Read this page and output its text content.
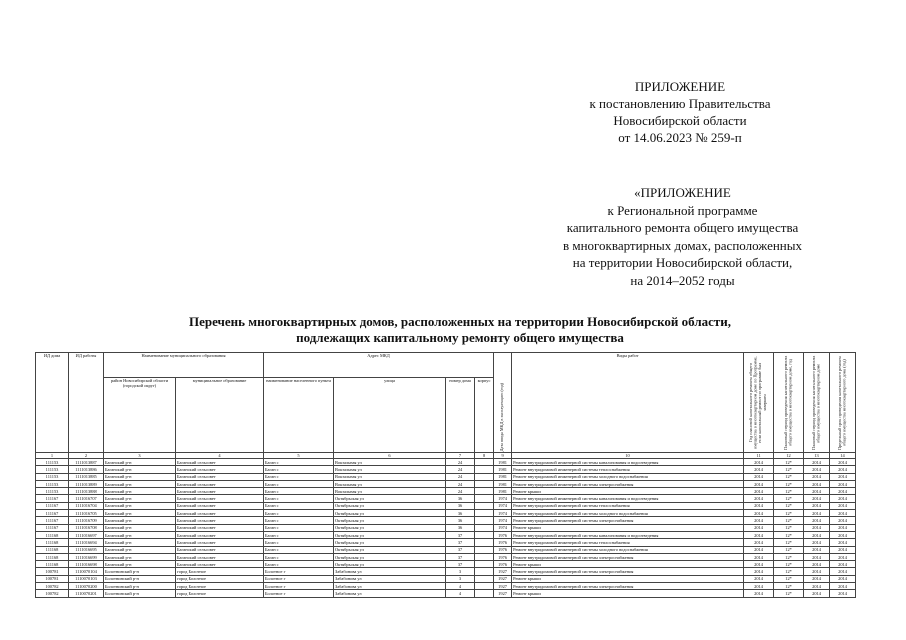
ПРИЛОЖЕНИЕ
к постановлению Правительства
Новосибирской области
от 14.06.2023 № 259-п
«ПРИЛОЖЕНИЕ
к Региональной программе
капитального ремонта общего имущества
в многоквартирных домах, расположенных
на территории Новосибирской области,
на 2014–2052 годы
Перечень многоквартирных домов, расположенных на территории Новосибирской области,
подлежащих капитальному ремонту общего имущества
ИД дома	ИД работы	Наименование муниципального образования		Адрес МКД				Дата ввода МКД в эксплуатацию (год)	Виды работ	Год плановой капитального ремонта общего имущества в многоквартирном доме по Программе, если капитальный ремонт по программе был завершен	Плановый период проведения капитального ремонта общего имущества в многоквартирном доме, год	Плановый период проведения капитального ремонта общего имущества в многоквартирном доме	Предельный срок проведения капитального ремонта общего имущества многоквартирного дома (год)

		район Новосибирской области (городской округ)	муниципальное образование	наименование населенного пункта	улица	номер дома	корпус						
1	2	3	4	5	6	7	8	9	10	11	12	13	14
111153	1111013887	Баганский р-н	Баганский сельсовет	Баган с	Вокзальная ул	24		1981	Ремонт внутридомовой инженерной системы канализования и водоотведения	2014	12*	2014	2014
111153	1111013886	Баганский р-н	Баганский сельсовет	Баган с	Вокзальная ул	24		1981	Ремонт внутридомовой инженерной системы теплоснабжения	2014	12*	2014	2014
111153	1111013885	Баганский р-н	Баганский сельсовет	Баган с	Вокзальная ул	24		1981	Ремонт внутридомовой инженерной системы холодного водоснабжения	2014	12*	2014	2014
111153	1111013889	Баганский р-н	Баганский сельсовет	Баган с	Вокзальная ул	24		1981	Ремонт внутридомовой инженерной системы электроснабжения	2014	12*	2014	2014
111153	1111013888	Баганский р-н	Баганский сельсовет	Баган с	Вокзальная ул	24		1981	Ремонт крыши	2014	12*	2014	2014
111167	1111016707	Баганский р-н	Баганский сельсовет	Баган с	Октябрьская ул	36		1974	Ремонт внутридомовой инженерной системы канализования и водоотведения	2014	12*	2014	2014
111167	1111016704	Баганский р-н	Баганский сельсовет	Баган с	Октябрьская ул	36		1974	Ремонт внутридомовой инженерной системы теплоснабжения	2014	12*	2014	2014
111167	1111016705	Баганский р-н	Баганский сельсовет	Баган с	Октябрьская ул	36		1974	Ремонт внутридомовой инженерной системы холодного водоснабжения	2014	12*	2014	2014
111167	1111016709	Баганский р-н	Баганский сельсовет	Баган с	Октябрьская ул	36		1974	Ремонт внутридомовой инженерной системы электроснабжения	2014	12*	2014	2014
111167	1111016708	Баганский р-н	Баганский сельсовет	Баган с	Октябрьская ул	36		1974	Ремонт крыши	2014	12*	2014	2014
111168	1111016697	Баганский р-н	Баганский сельсовет	Баган с	Октябрьская ул	37		1976	Ремонт внутридомовой инженерной системы канализования и водоотведения	2014	12*	2014	2014
111168	1111016694	Баганский р-н	Баганский сельсовет	Баган с	Октябрьская ул	37		1976	Ремонт внутридомовой инженерной системы теплоснабжения	2014	12*	2014	2014
111168	1111016695	Баганский р-н	Баганский сельсовет	Баган с	Октябрьская ул	37		1976	Ремонт внутридомовой инженерной системы холодного водоснабжения	2014	12*	2014	2014
111168	1111016699	Баганский р-н	Баганский сельсовет	Баган с	Октябрьская ул	37		1976	Ремонт внутридомовой инженерной системы электроснабжения	2014	12*	2014	2014
111168	1111016698	Баганский р-н	Баганский сельсовет	Баган с	Октябрьская ул	37		1976	Ремонт крыши	2014	12*	2014	2014
100781	1110070104	Болотнинский р-н	город Болотное	Болотное г	Забабонова ул	3		1927	Ремонт внутридомовой инженерной системы электроснабжения	2014	12*	2014	2014
100781	1110070103	Болотнинский р-н	город Болотное	Болотное г	Забабонова ул	3		1927	Ремонт крыши	2014	12*	2014	2014
100782	1110070200	Болотнинский р-н	город Болотное	Болотное г	Забабонова ул	4		1927	Ремонт внутридомовой инженерной системы электроснабжения	2014	12*	2014	2014
100782	1110070201	Болотнинский р-н	город Болотное	Болотное г	Забабонова ул	4		1927	Ремонт крыши	2014	12*	2014	2014
